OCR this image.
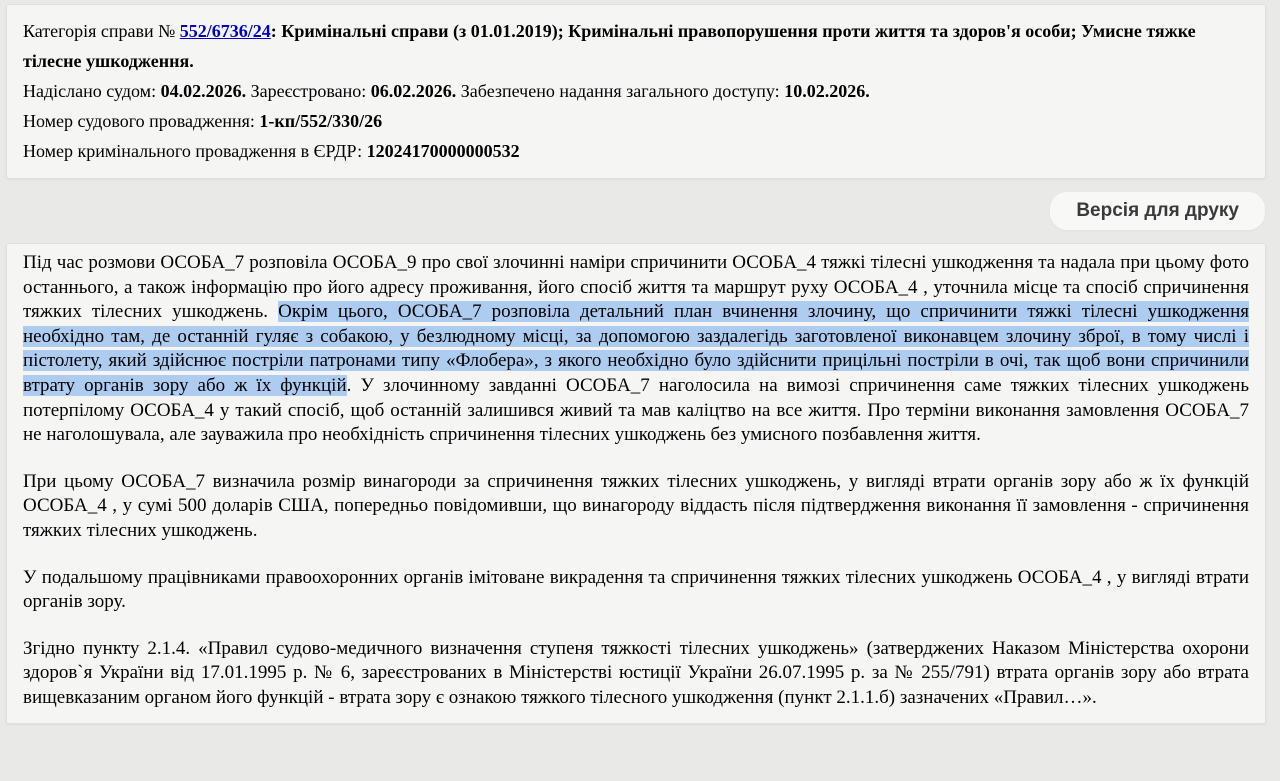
Категорія справи № 552/6736/24: Кримінальні справи (з 01.01.2019); Кримінальні правопорушення проти життя та здоров'я особи; Умисне тяжке тілесне ушкодження.

Надіслано судом: 04.02.2026. Зареєстровано: 06.02.2026. Забезпечено надання загального доступу: 10.02.2026.

Номер судового провадження: 1-кп/552/330/26

Номер кримінального провадження в ЄРДР: 12024170000000532

Версія для друку

Під час розмови ОСОБА_7 розповіла ОСОБА_9 про свої злочинні наміри спричинити ОСОБА_4 тяжкі тілесні ушкодження та надала при цьому фото останнього, а також інформацію про його адресу проживання, його спосіб життя та маршрут руху ОСОБА_4 , уточнила місце та спосіб спричинення тяжких тілесних ушкоджень. Окрім цього, ОСОБА_7 розповіла детальний план вчинення злочину, що спричинити тяжкі тілесні ушкодження необхідно там, де останній гуляє з собакою, у безлюдному місці, за допомогою заздалегідь заготовленої виконавцем злочину зброї, в тому числі і пістолету, який здійснює постріли патронами типу «Флобера», з якого необхідно було здійснити прицільні постріли в очі, так щоб вони спричинили втрату органів зору або ж їх функцій. У злочинному завданні ОСОБА_7 наголосила на вимозі спричинення саме тяжких тілесних ушкоджень потерпілому ОСОБА_4 у такий спосіб, щоб останній залишився живий та мав каліцтво на все життя. Про терміни виконання замовлення ОСОБА_7 не наголошувала, але зауважила про необхідність спричинення тілесних ушкоджень без умисного позбавлення життя.

При цьому ОСОБА_7 визначила розмір винагороди за спричинення тяжких тілесних ушкоджень, у вигляді втрати органів зору або ж їх функцій ОСОБА_4 , у сумі 500 доларів США, попередньо повідомивши, що винагороду віддасть після підтвердження виконання її замовлення - спричинення тяжких тілесних ушкоджень.

У подальшому працівниками правоохоронних органів імітоване викрадення та спричинення тяжких тілесних ушкоджень ОСОБА_4 , у вигляді втрати органів зору.

Згідно пункту 2.1.4. «Правил судово-медичного визначення ступеня тяжкості тілесних ушкоджень» (затверджених Наказом Міністерства охорони здоров`я України від 17.01.1995 р. № 6, зареєстрованих в Міністерстві юстиції України 26.07.1995 р. за № 255/791) втрата органів зору або втрата вищевказаним органом його функцій - втрата зору є ознакою тяжкого тілесного ушкодження (пункт 2.1.1.б) зазначених «Правил…».
